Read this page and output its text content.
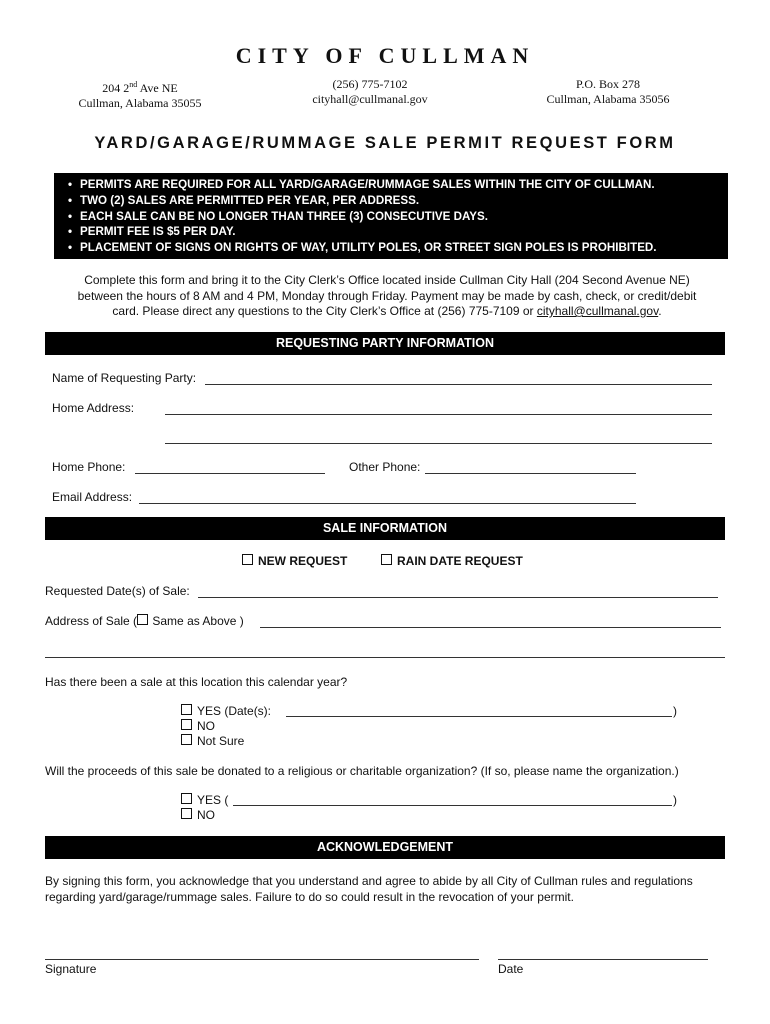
CITY OF CULLMAN
204 2nd Ave NE
Cullman, Alabama 35055
(256) 775-7102
cityhall@cullmanal.gov
P.O. Box 278
Cullman, Alabama 35056
YARD/GARAGE/RUMMAGE SALE PERMIT REQUEST FORM
• PERMITS ARE REQUIRED FOR ALL YARD/GARAGE/RUMMAGE SALES WITHIN THE CITY OF CULLMAN.
• TWO (2) SALES ARE PERMITTED PER YEAR, PER ADDRESS.
• EACH SALE CAN BE NO LONGER THAN THREE (3) CONSECUTIVE DAYS.
• PERMIT FEE IS $5 PER DAY.
• PLACEMENT OF SIGNS ON RIGHTS OF WAY, UTILITY POLES, OR STREET SIGN POLES IS PROHIBITED.
Complete this form and bring it to the City Clerk’s Office located inside Cullman City Hall (204 Second Avenue NE)
between the hours of 8 AM and 4 PM, Monday through Friday. Payment may be made by cash, check, or credit/debit
card. Please direct any questions to the City Clerk’s Office at (256) 775-7109 or cityhall@cullmanal.gov.
REQUESTING PARTY INFORMATION
Name of Requesting Party:
Home Address:
Home Phone:	Other Phone:
Email Address:
SALE INFORMATION
NEW REQUEST	RAIN DATE REQUEST
Requested Date(s) of Sale:
Address of Sale ( Same as Above )
Has there been a sale at this location this calendar year?
YES (Date(s):	)
NO
Not Sure
Will the proceeds of this sale be donated to a religious or charitable organization? (If so, please name the organization.)
YES (	)
NO
ACKNOWLEDGEMENT
By signing this form, you acknowledge that you understand and agree to abide by all City of Cullman rules and regulations
regarding yard/garage/rummage sales. Failure to do so could result in the revocation of your permit.
Signature	Date
